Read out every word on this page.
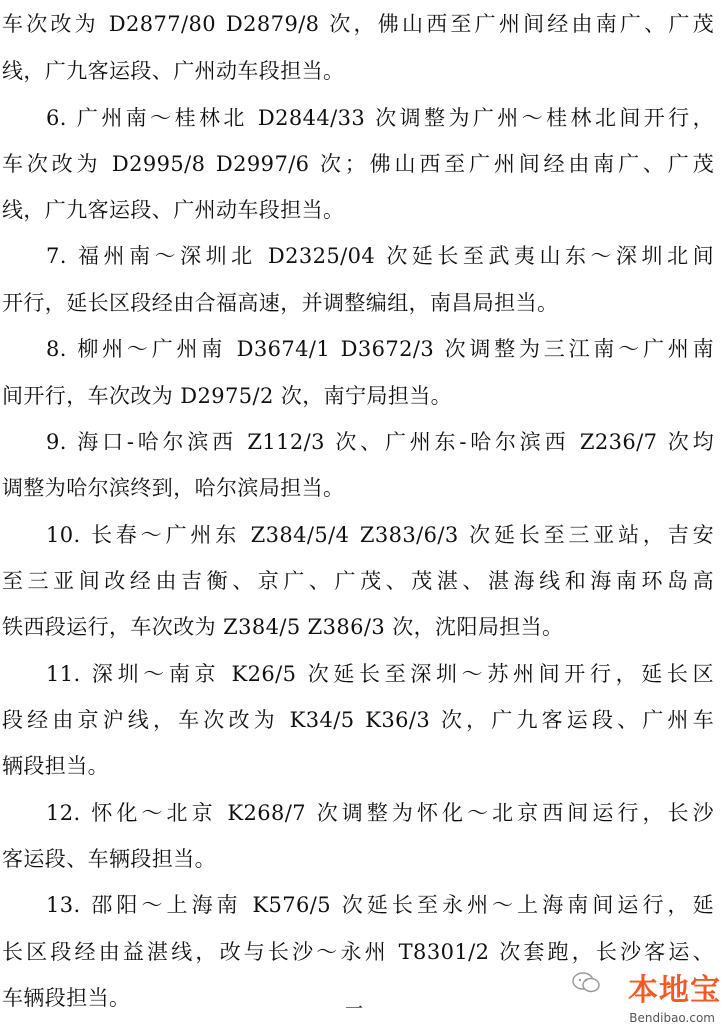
车次改为 D2877/80 D2879/8 次，佛山西至广州间经由南广、广茂
线，广九客运段、广州动车段担当。
6. 广州南～桂林北 D2844/33 次调整为广州～桂林北间开行，
车次改为 D2995/8 D2997/6 次；佛山西至广州间经由南广、广茂
线，广九客运段、广州动车段担当。
7. 福州南～深圳北 D2325/04 次延长至武夷山东～深圳北间
开行，延长区段经由合福高速，并调整编组，南昌局担当。
8. 柳州～广州南 D3674/1 D3672/3 次调整为三江南～广州南
间开行，车次改为 D2975/2 次，南宁局担当。
9. 海口-哈尔滨西 Z112/3 次、广州东-哈尔滨西 Z236/7 次均
调整为哈尔滨终到，哈尔滨局担当。
10. 长春～广州东 Z384/5/4 Z383/6/3 次延长至三亚站，吉安
至三亚间改经由吉衡、京广、广茂、茂湛、湛海线和海南环岛高
铁西段运行，车次改为 Z384/5 Z386/3 次，沈阳局担当。
11. 深圳～南京 K26/5 次延长至深圳～苏州间开行，延长区
段经由京沪线，车次改为 K34/5 K36/3 次，广九客运段、广州车
辆段担当。
12. 怀化～北京 K268/7 次调整为怀化～北京西间运行，长沙
客运段、车辆段担当。
13. 邵阳～上海南 K576/5 次延长至永州～上海南间运行，延
长区段经由益湛线，改与长沙～永州 T8301/2 次套跑，长沙客运、
车辆段担当。	一
本地宝
Bendibao.com
